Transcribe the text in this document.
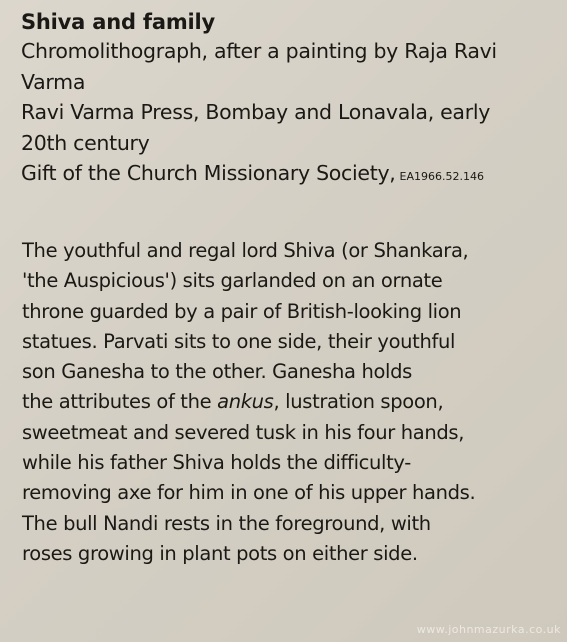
Shiva and family

Chromolithograph, after a painting by Raja Ravi

Varma

Ravi Varma Press, Bombay and Lonavala, early

20th century

Gift of the Church Missionary Society, EA1966.52.146

The youthful and regal lord Shiva (or Shankara,

'the Auspicious') sits garlanded on an ornate

throne guarded by a pair of British-looking lion

statues. Parvati sits to one side, their youthful

son Ganesha to the other. Ganesha holds

the attributes of the ankus, lustration spoon,

sweetmeat and severed tusk in his four hands,

while his father Shiva holds the difficulty-

removing axe for him in one of his upper hands.

The bull Nandi rests in the foreground, with

roses growing in plant pots on either side.

www.johnmazurka.co.uk
